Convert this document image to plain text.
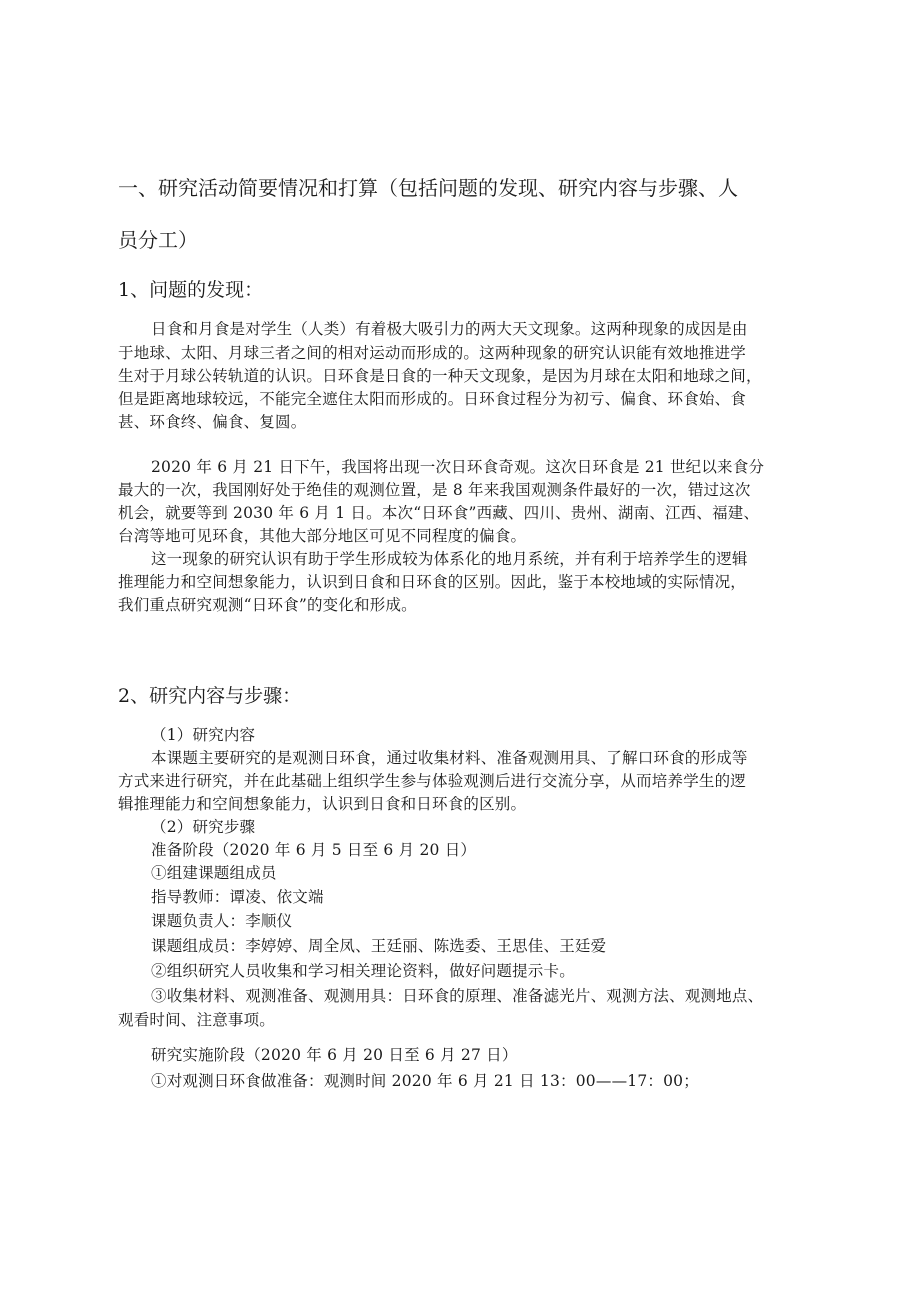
一、研究活动简要情况和打算（包括问题的发现、研究内容与步骤、人
员分工）
1、问题的发现：
日食和月食是对学生（人类）有着极大吸引力的两大天文现象。这两种现象的成因是由
于地球、太阳、月球三者之间的相对运动而形成的。这两种现象的研究认识能有效地推进学
生对于月球公转轨道的认识。日环食是日食的一种天文现象，是因为月球在太阳和地球之间，
但是距离地球较远，不能完全遮住太阳而形成的。日环食过程分为初亏、偏食、环食始、食
甚、环食终、偏食、复圆。
2020 年 6 月 21 日下午，我国将出现一次日环食奇观。这次日环食是 21 世纪以来食分
最大的一次，我国刚好处于绝佳的观测位置，是 8 年来我国观测条件最好的一次，错过这次
机会，就要等到 2030 年 6 月 1 日。本次“日环食”西藏、四川、贵州、湖南、江西、福建、
台湾等地可见环食，其他大部分地区可见不同程度的偏食。
这一现象的研究认识有助于学生形成较为体系化的地月系统，并有利于培养学生的逻辑
推理能力和空间想象能力，认识到日食和日环食的区别。因此，鉴于本校地域的实际情况，
我们重点研究观测“日环食”的变化和形成。
2、研究内容与步骤：
（1）研究内容
本课题主要研究的是观测日环食，通过收集材料、准备观测用具、了解口环食的形成等
方式来进行研究，并在此基础上组织学生参与体验观测后进行交流分享，从而培养学生的逻
辑推理能力和空间想象能力，认识到日食和日环食的区别。
（2）研究步骤
准备阶段（2020 年 6 月 5 日至 6 月 20 日）
①组建课题组成员
指导教师：谭凌、依文端
课题负责人：李顺仪
课题组成员：李婷婷、周全凤、王廷丽、陈选委、王思佳、王廷爱
②组织研究人员收集和学习相关理论资料，做好问题提示卡。
③收集材料、观测准备、观测用具：日环食的原理、准备滤光片、观测方法、观测地点、
观看时间、注意事项。
研究实施阶段（2020 年 6 月 20 日至 6 月 27 日）
①对观测日环食做准备：观测时间 2020 年 6 月 21 日 13：00——17：00；
